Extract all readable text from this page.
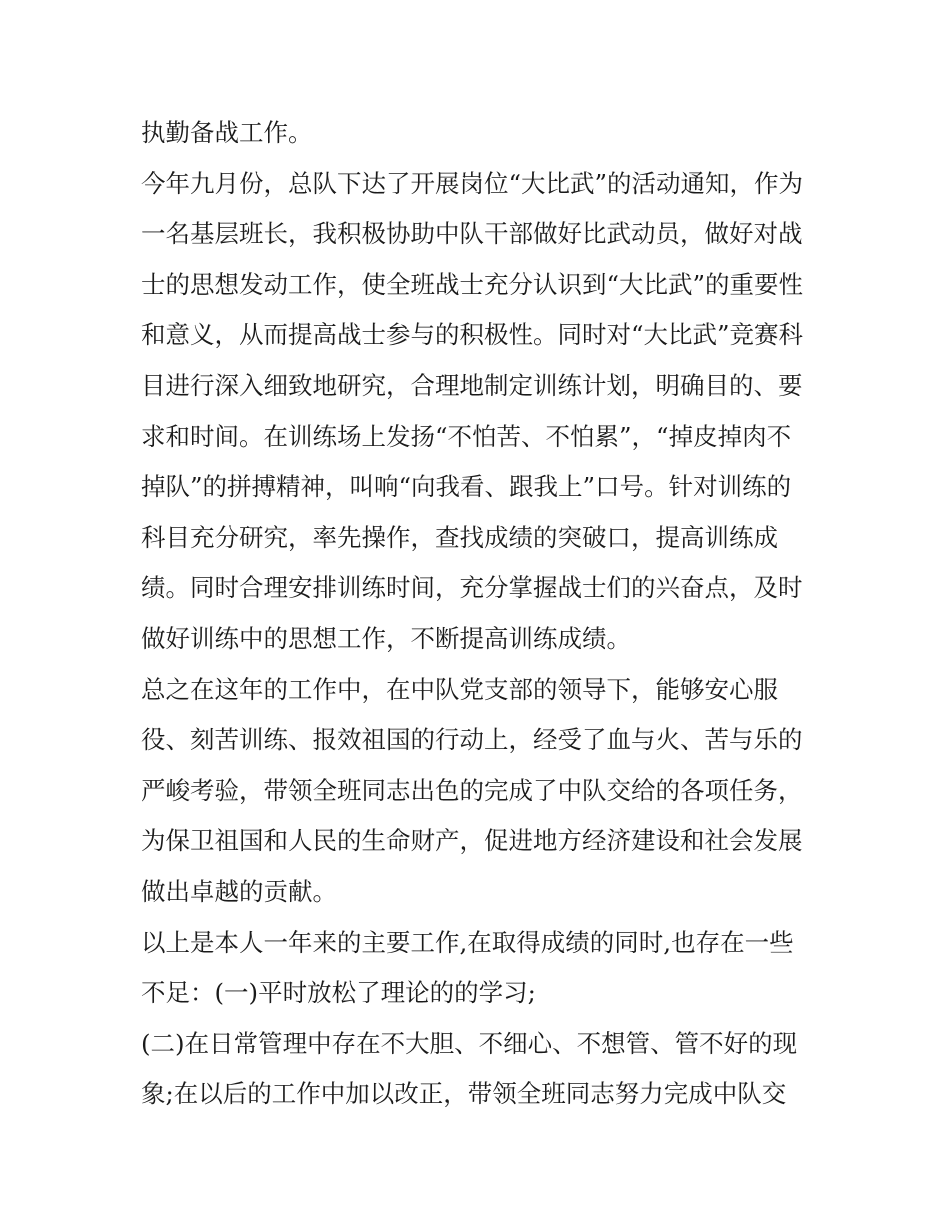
执勤备战工作。
今年九月份，总队下达了开展岗位“大比武”的活动通知，作为
一名基层班长，我积极协助中队干部做好比武动员，做好对战
士的思想发动工作，使全班战士充分认识到“大比武”的重要性
和意义，从而提高战士参与的积极性。同时对“大比武”竞赛科
目进行深入细致地研究，合理地制定训练计划，明确目的、要
求和时间。在训练场上发扬“不怕苦、不怕累”，“掉皮掉肉不
掉队”的拼搏精神，叫响“向我看、跟我上”口号。针对训练的
科目充分研究，率先操作，查找成绩的突破口，提高训练成
绩。同时合理安排训练时间，充分掌握战士们的兴奋点，及时
做好训练中的思想工作，不断提高训练成绩。
总之在这年的工作中，在中队党支部的领导下，能够安心服
役、刻苦训练、报效祖国的行动上，经受了血与火、苦与乐的
严峻考验，带领全班同志出色的完成了中队交给的各项任务，
为保卫祖国和人民的生命财产，促进地方经济建设和社会发展
做出卓越的贡献。
以上是本人一年来的主要工作,在取得成绩的同时,也存在一些
不足：(一)平时放松了理论的的学习;
(二)在日常管理中存在不大胆、不细心、不想管、管不好的现
象;在以后的工作中加以改正，带领全班同志努力完成中队交
